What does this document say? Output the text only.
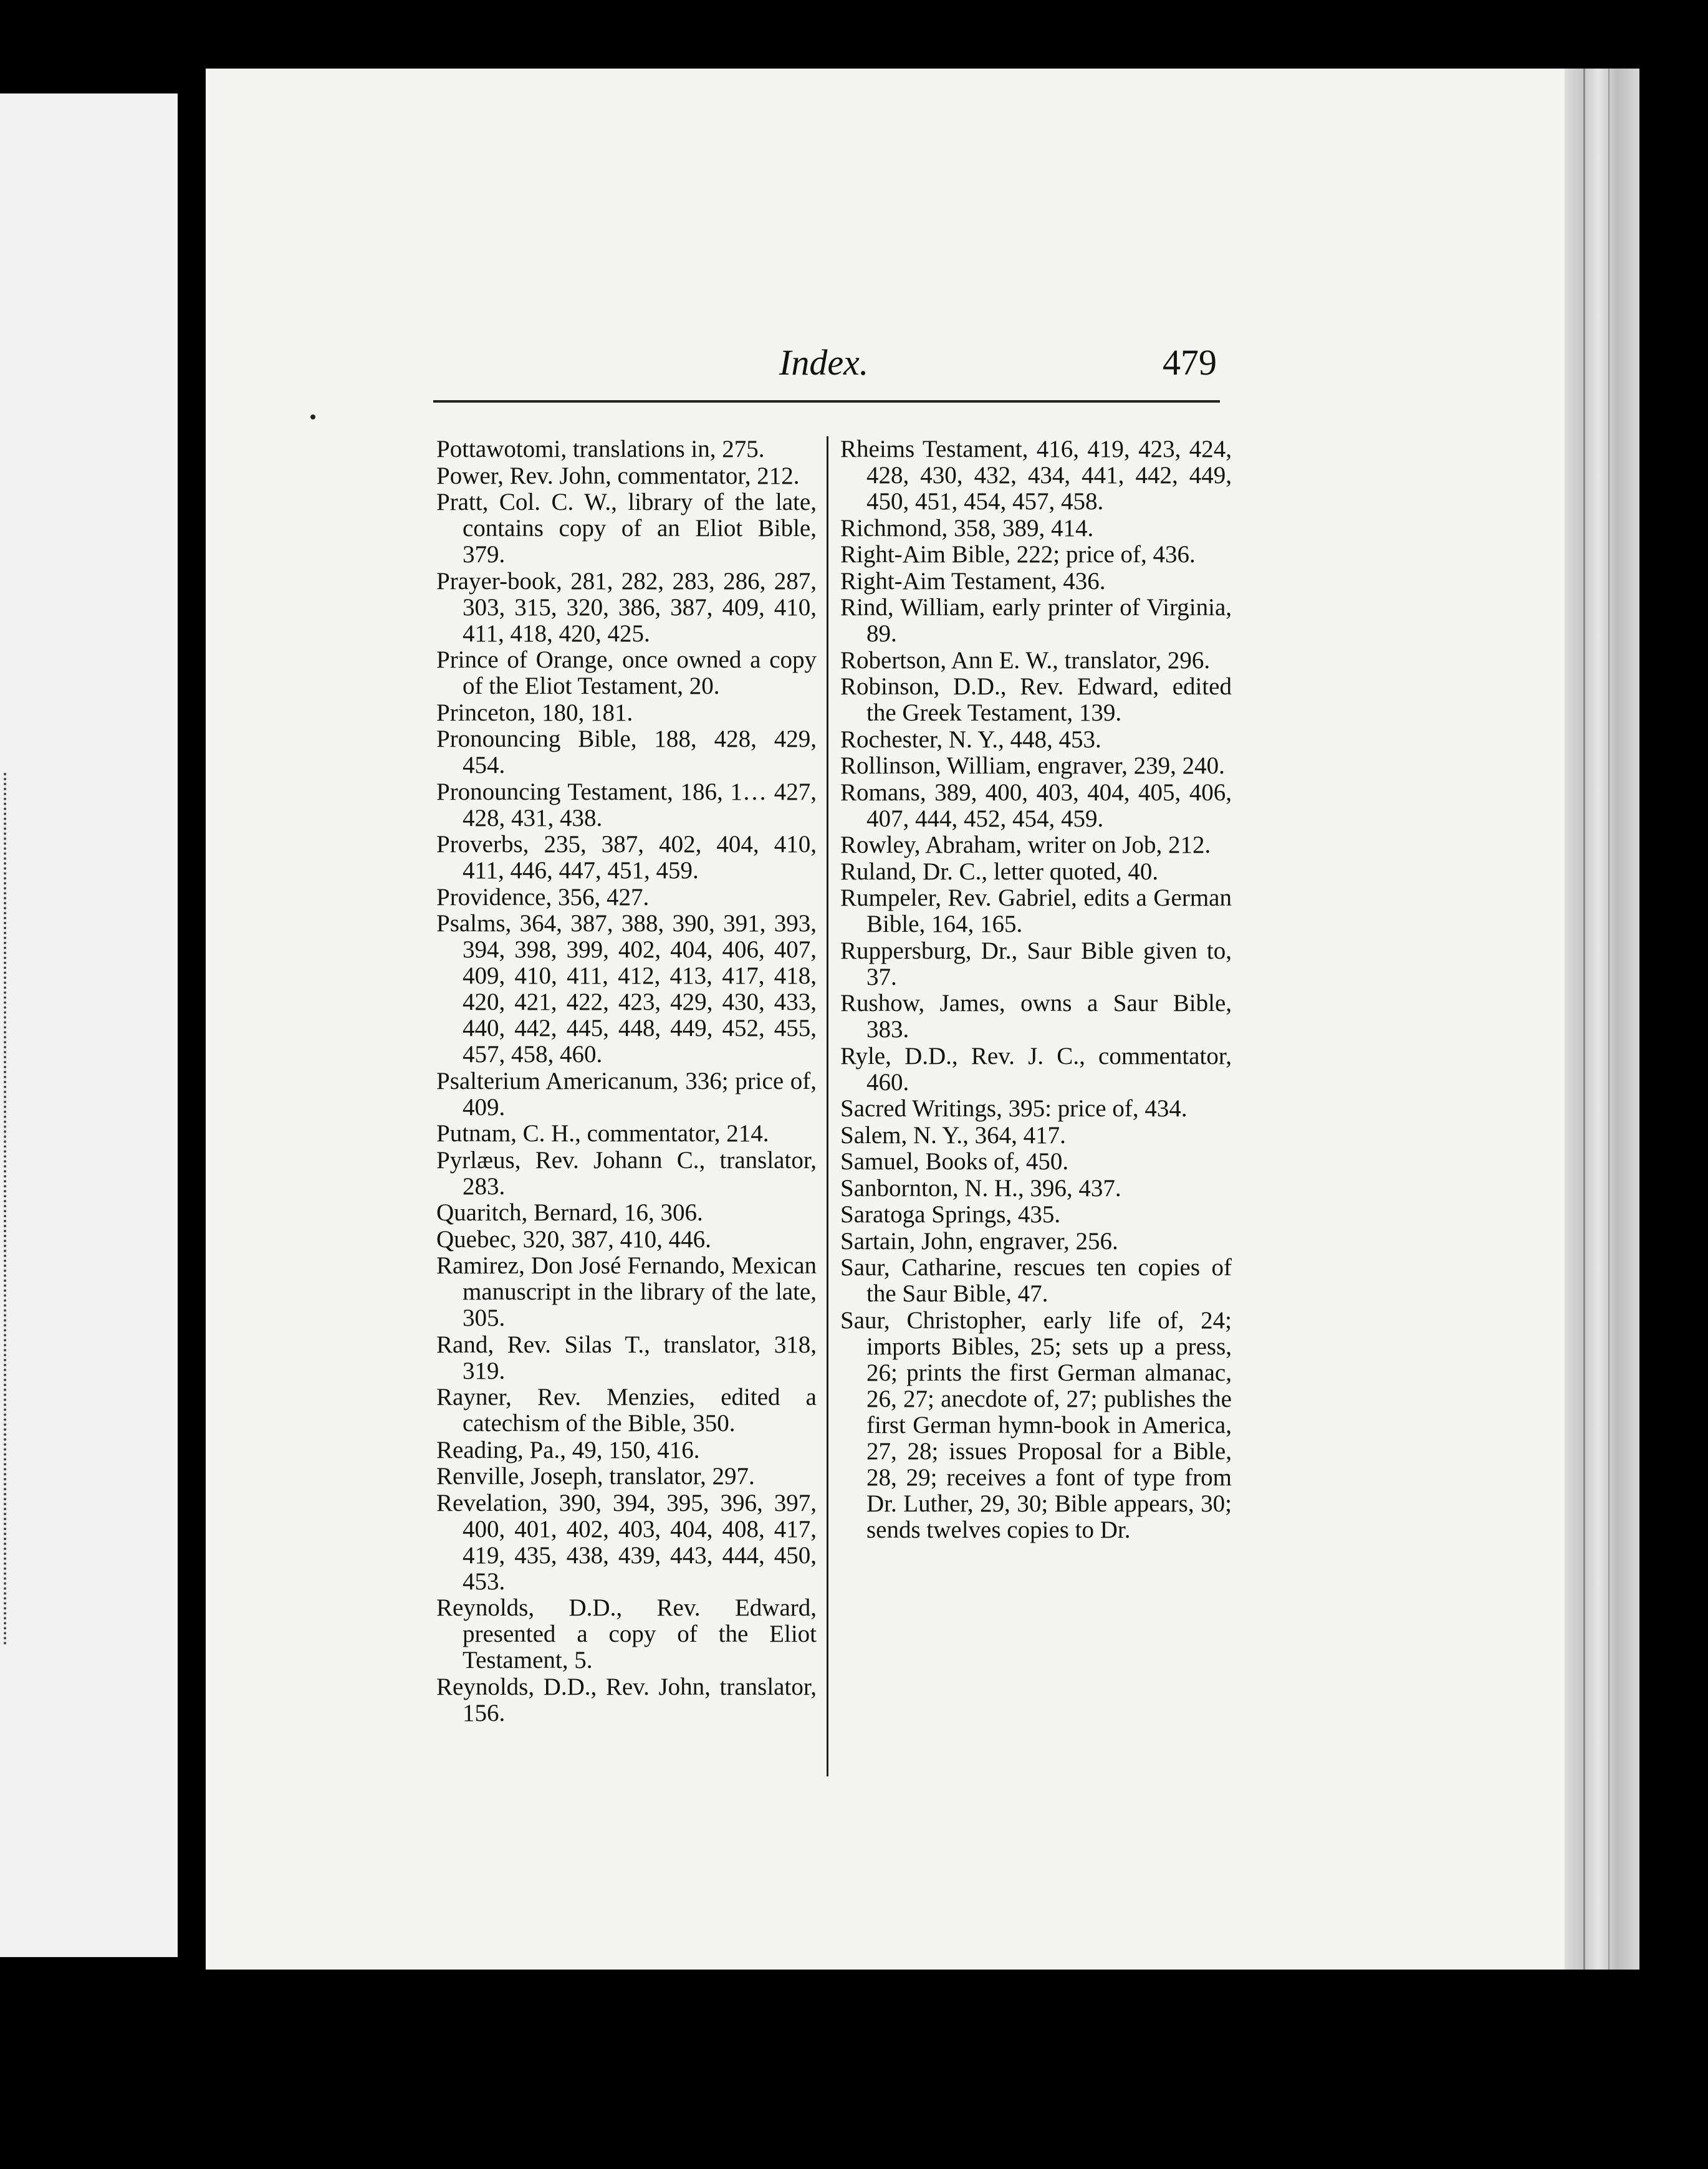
Index.	479
Pottawotomi, translations in, 275.
Power, Rev. John, commentator, 212.
Pratt, Col. C. W., library of the late, contains copy of an Eliot Bible, 379.
Prayer-book, 281, 282, 283, 286, 287, 303, 315, 320, 386, 387, 409, 410, 411, 418, 420, 425.
Prince of Orange, once owned a copy of the Eliot Testament, 20.
Princeton, 180, 181.
Pronouncing Bible, 188, 428, 429, 454.
Pronouncing Testament, 186, 1… 427, 428, 431, 438.
Proverbs, 235, 387, 402, 404, 410, 411, 446, 447, 451, 459.
Providence, 356, 427.
Psalms, 364, 387, 388, 390, 391, 393, 394, 398, 399, 402, 404, 406, 407, 409, 410, 411, 412, 413, 417, 418, 420, 421, 422, 423, 429, 430, 433, 440, 442, 445, 448, 449, 452, 455, 457, 458, 460.
Psalterium Americanum, 336; price of, 409.
Putnam, C. H., commentator, 214.
Pyrlæus, Rev. Johann C., translator, 283.
Quaritch, Bernard, 16, 306.
Quebec, 320, 387, 410, 446.
Ramirez, Don José Fernando, Mexican manuscript in the library of the late, 305.
Rand, Rev. Silas T., translator, 318, 319.
Rayner, Rev. Menzies, edited a catechism of the Bible, 350.
Reading, Pa., 49, 150, 416.
Renville, Joseph, translator, 297.
Revelation, 390, 394, 395, 396, 397, 400, 401, 402, 403, 404, 408, 417, 419, 435, 438, 439, 443, 444, 450, 453.
Reynolds, D.D., Rev. Edward, presented a copy of the Eliot Testament, 5.
Reynolds, D.D., Rev. John, translator, 156.
Rheims Testament, 416, 419, 423, 424, 428, 430, 432, 434, 441, 442, 449, 450, 451, 454, 457, 458.
Richmond, 358, 389, 414.
Right-Aim Bible, 222; price of, 436.
Right-Aim Testament, 436.
Rind, William, early printer of Virginia, 89.
Robertson, Ann E. W., translator, 296.
Robinson, D.D., Rev. Edward, edited the Greek Testament, 139.
Rochester, N. Y., 448, 453.
Rollinson, William, engraver, 239, 240.
Romans, 389, 400, 403, 404, 405, 406, 407, 444, 452, 454, 459.
Rowley, Abraham, writer on Job, 212.
Ruland, Dr. C., letter quoted, 40.
Rumpeler, Rev. Gabriel, edits a German Bible, 164, 165.
Ruppersburg, Dr., Saur Bible given to, 37.
Rushow, James, owns a Saur Bible, 383.
Ryle, D.D., Rev. J. C., commentator, 460.
Sacred Writings, 395: price of, 434.
Salem, N. Y., 364, 417.
Samuel, Books of, 450.
Sanbornton, N. H., 396, 437.
Saratoga Springs, 435.
Sartain, John, engraver, 256.
Saur, Catharine, rescues ten copies of the Saur Bible, 47.
Saur, Christopher, early life of, 24; imports Bibles, 25; sets up a press, 26; prints the first German almanac, 26, 27; anecdote of, 27; publishes the first German hymn-book in America, 27, 28; issues Proposal for a Bible, 28, 29; receives a font of type from Dr. Luther, 29, 30; Bible appears, 30; sends twelves copies to Dr.
